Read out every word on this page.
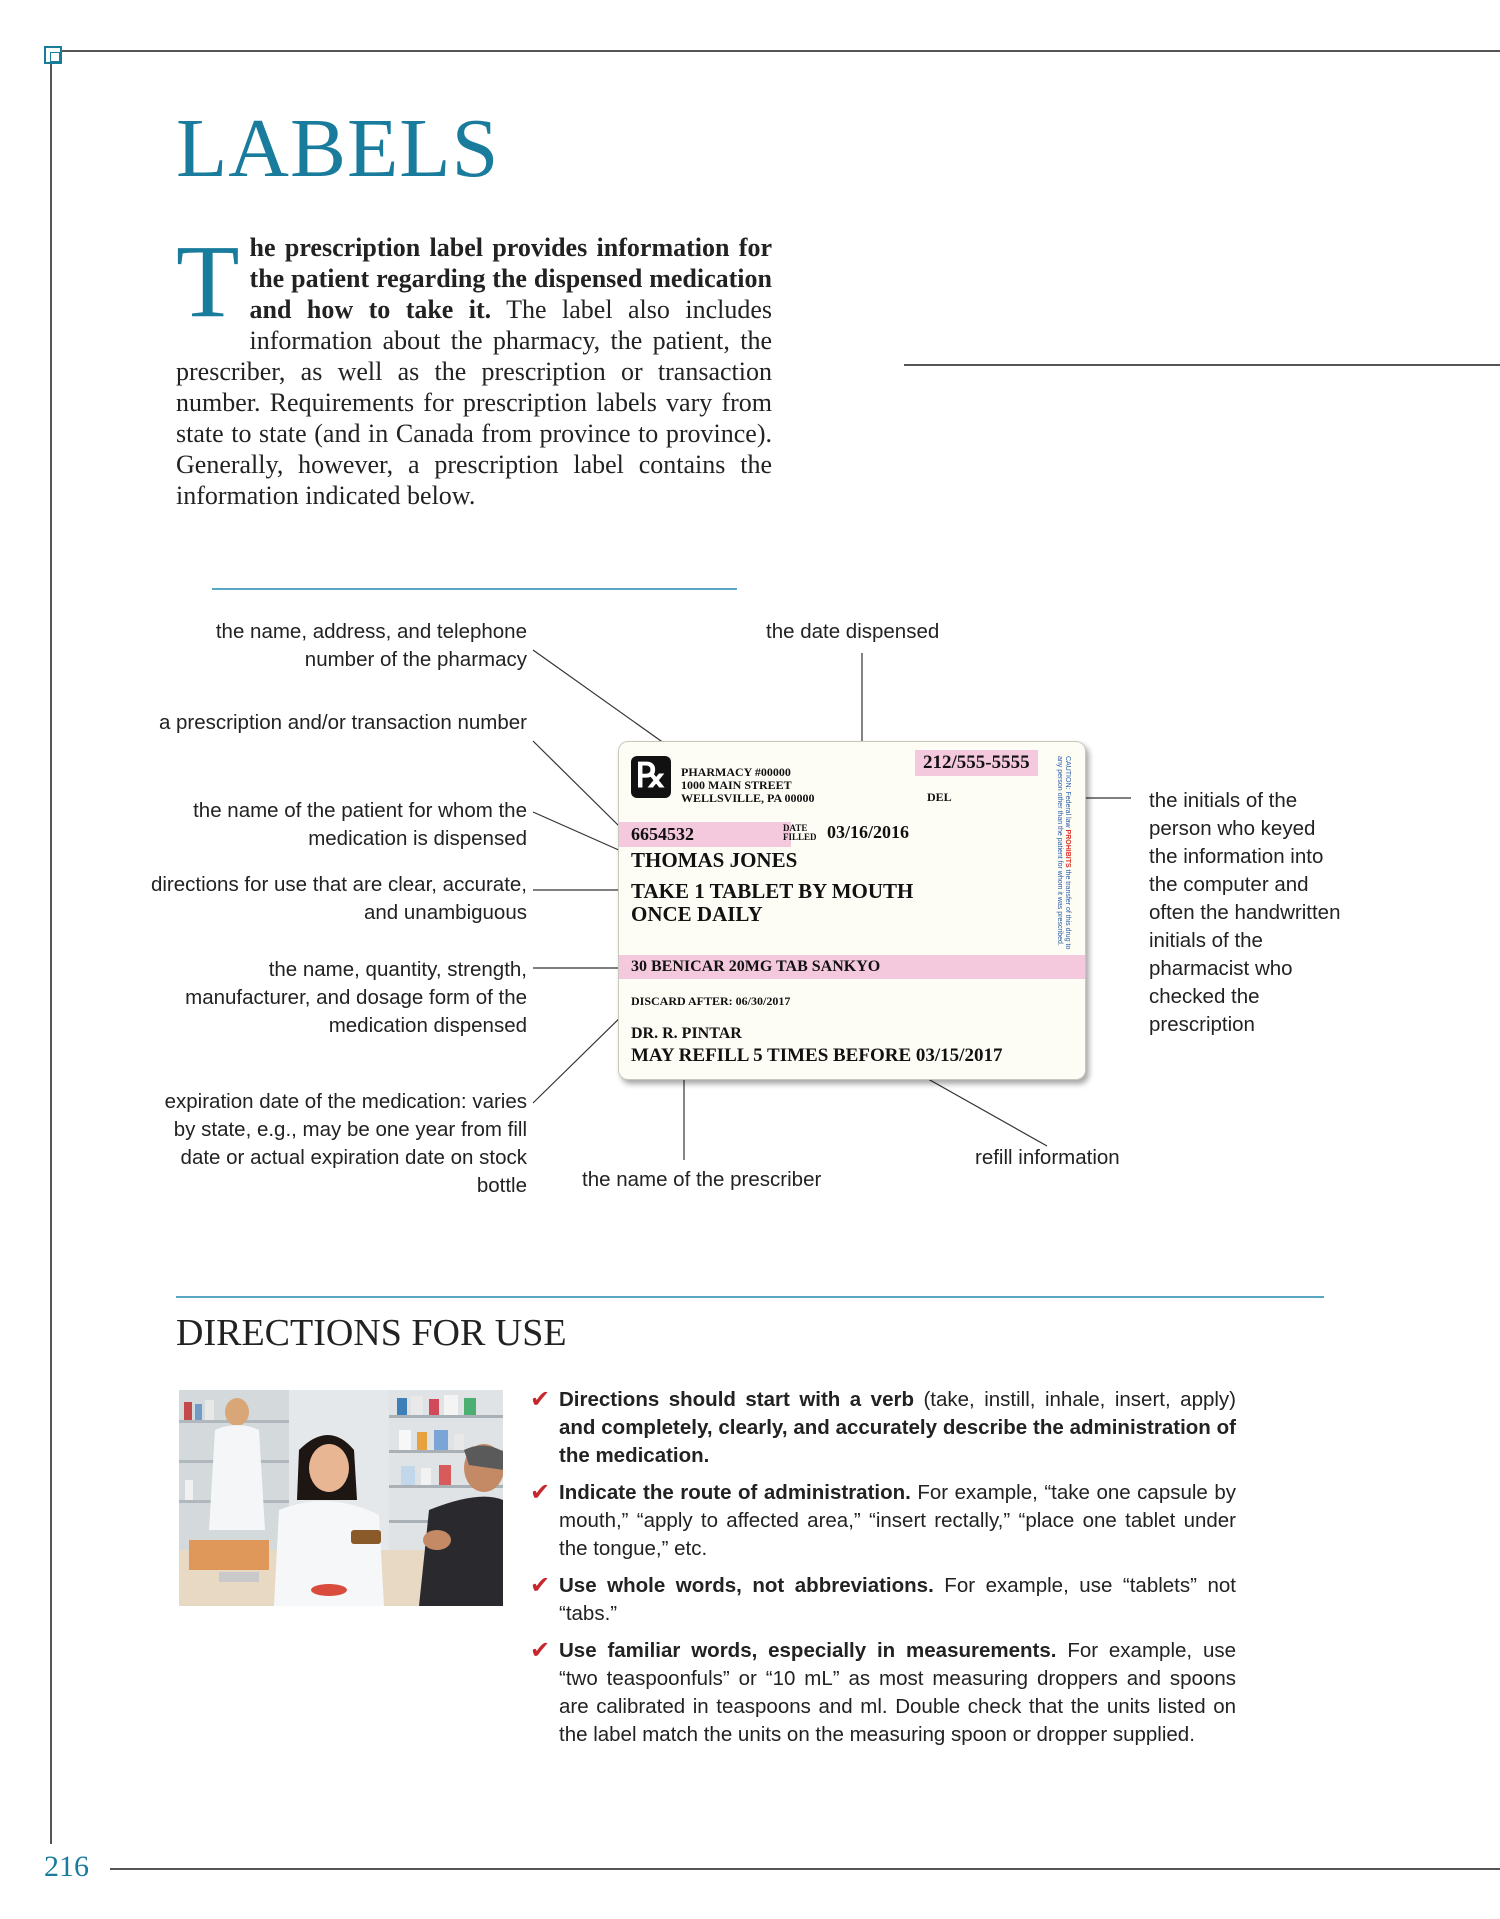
LABELS
T he prescription label provides information for the patient regarding the dispensed medication and how to take it. The label also includes information about the pharmacy, the patient, the prescriber, as well as the prescription or transaction number. Requirements for prescription labels vary from state to state (and in Canada from province to province). Generally, however, a prescription label contains the information indicated below.
the name, address, and telephone number of the pharmacy
a prescription and/or transaction number
the name of the patient for whom the medication is dispensed
directions for use that are clear, accurate, and unambiguous
the name, quantity, strength, manufacturer, and dosage form of the medication dispensed
expiration date of the medication: varies by state, e.g., may be one year from fill date or actual expiration date on stock bottle
the date dispensed
the initials of the person who keyed the information into the computer and often the handwritten initials of the pharmacist who checked the prescription
the name of the prescriber
refill information
℞	PHARMACY #00000
1000 MAIN STREET
WELLSVILLE, PA 00000
212/555-5555
DEL
6654532	DATE
FILLED 03/16/2016
THOMAS JONES
TAKE 1 TABLET BY MOUTH
ONCE DAILY
30 BENICAR 20MG TAB SANKYO
DISCARD AFTER: 06/30/2017
DR. R. PINTAR
MAY REFILL 5 TIMES BEFORE 03/15/2017
CAUTION: Federal law PROHIBITS the transfer of this drug to any person other than the patient for whom it was prescribed.
DIRECTIONS FOR USE
✔ Directions should start with a verb (take, instill, inhale, insert, apply) and completely, clearly, and accurately describe the administration of the medication.
✔ Indicate the route of administration. For example, “take one capsule by mouth,” “apply to affected area,” “insert rectally,” “place one tablet under the tongue,” etc.
✔ Use whole words, not abbreviations. For example, use “tablets” not “tabs.”
✔ Use familiar words, especially in measurements. For example, use “two teaspoonfuls” or “10 mL” as most measuring droppers and spoons are calibrated in teaspoons and ml. Double check that the units listed on the label match the units on the measuring spoon or dropper supplied.
216
